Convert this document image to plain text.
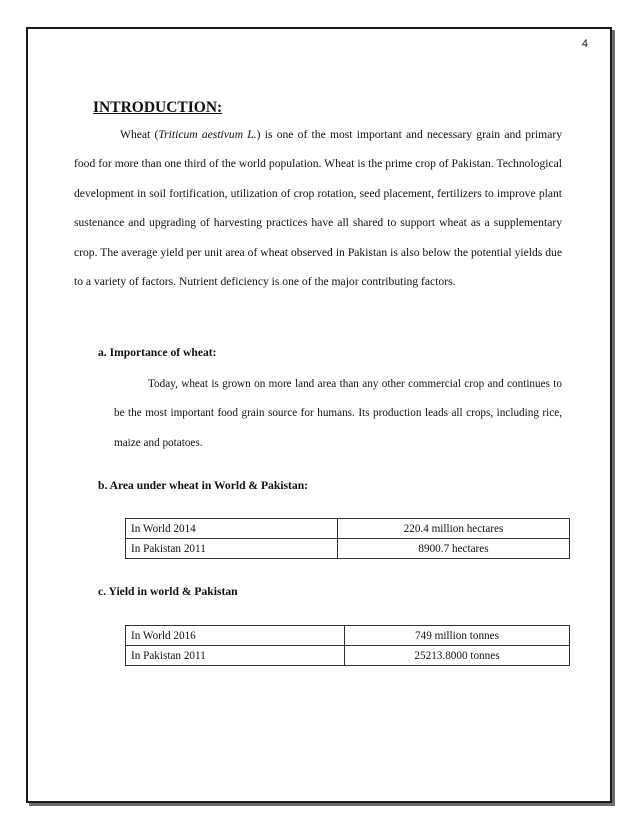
4

INTRODUCTION:

Wheat (Triticum aestivum L.) is one of the most important and necessary grain and primary food for more than one third of the world population. Wheat is the prime crop of Pakistan. Technological development in soil fortification, utilization of crop rotation, seed placement, fertilizers to improve plant sustenance and upgrading of harvesting practices have all shared to support wheat as a supplementary crop. The average yield per unit area of wheat observed in Pakistan is also below the potential yields due to a variety of factors. Nutrient deficiency is one of the major contributing factors.

a. Importance of wheat:

Today, wheat is grown on more land area than any other commercial crop and continues to be the most important food grain source for humans. Its production leads all crops, including rice, maize and potatoes.

b. Area under wheat in World & Pakistan:
In World 2014	220.4 million hectares
In Pakistan 2011	8900.7 hectares
c. Yield in world & Pakistan
In World 2016	749 million tonnes
In Pakistan 2011	25213.8000 tonnes
